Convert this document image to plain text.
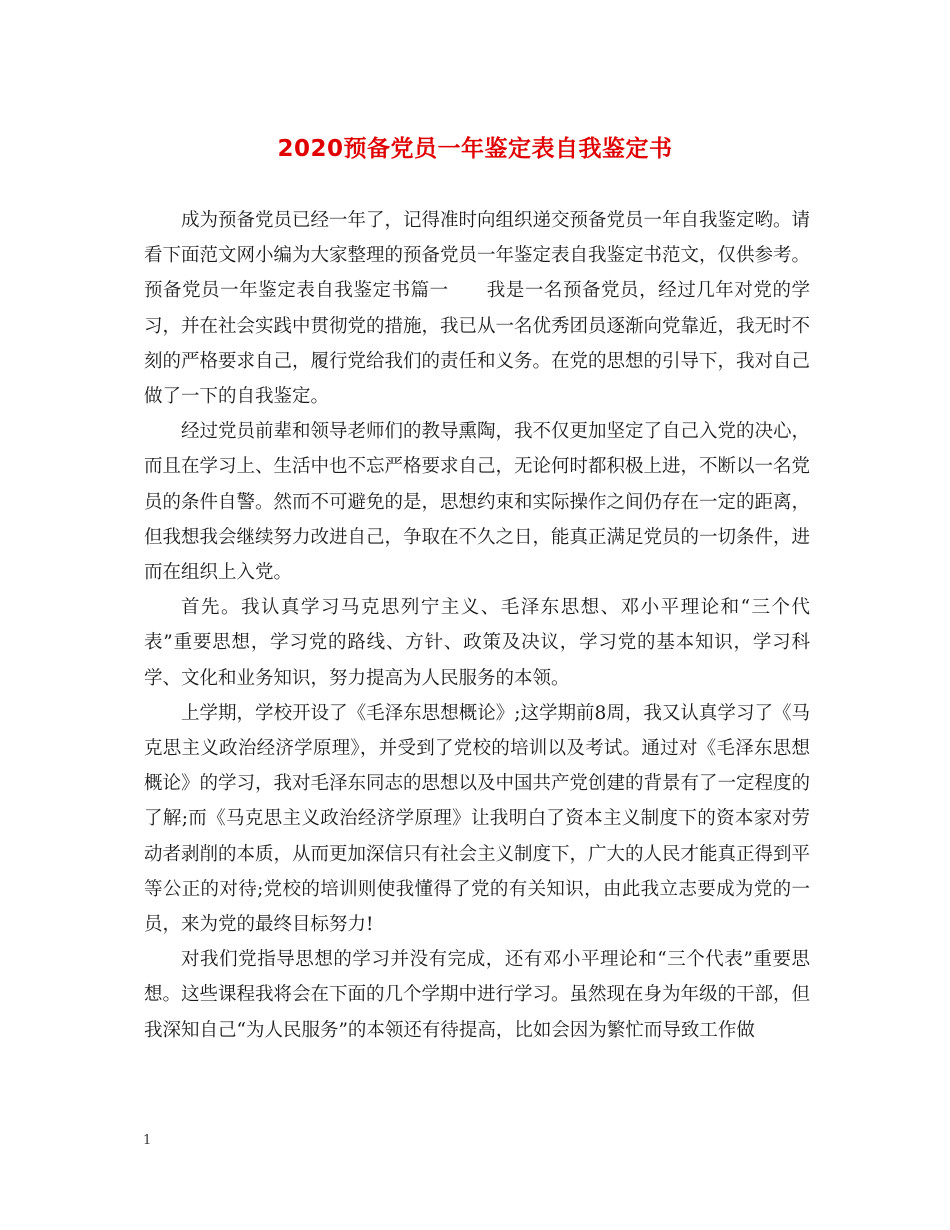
2020预备党员一年鉴定表自我鉴定书

成为预备党员已经一年了，记得准时向组织递交预备党员一年自我鉴定哟。请看下面范文网小编为大家整理的预备党员一年鉴定表自我鉴定书范文，仅供参考。

预备党员一年鉴定表自我鉴定书篇一　　我是一名预备党员，经过几年对党的学习，并在社会实践中贯彻党的措施，我已从一名优秀团员逐渐向党靠近，我无时不刻的严格要求自己，履行党给我们的责任和义务。在党的思想的引导下，我对自己做了一下的自我鉴定。

经过党员前辈和领导老师们的教导熏陶，我不仅更加坚定了自己入党的决心，而且在学习上、生活中也不忘严格要求自己，无论何时都积极上进，不断以一名党员的条件自警。然而不可避免的是，思想约束和实际操作之间仍存在一定的距离，但我想我会继续努力改进自己，争取在不久之日，能真正满足党员的一切条件，进而在组织上入党。

首先。我认真学习马克思列宁主义、毛泽东思想、邓小平理论和“三个代表”重要思想，学习党的路线、方针、政策及决议，学习党的基本知识，学习科学、文化和业务知识，努力提高为人民服务的本领。

上学期，学校开设了《毛泽东思想概论》;这学期前8周，我又认真学习了《马克思主义政治经济学原理》，并受到了党校的培训以及考试。通过对《毛泽东思想概论》的学习，我对毛泽东同志的思想以及中国共产党创建的背景有了一定程度的了解;而《马克思主义政治经济学原理》让我明白了资本主义制度下的资本家对劳动者剥削的本质，从而更加深信只有社会主义制度下，广大的人民才能真正得到平等公正的对待;党校的培训则使我懂得了党的有关知识，由此我立志要成为党的一员，来为党的最终目标努力!

对我们党指导思想的学习并没有完成，还有邓小平理论和“三个代表”重要思想。这些课程我将会在下面的几个学期中进行学习。虽然现在身为年级的干部，但我深知自己“为人民服务”的本领还有待提高，比如会因为繁忙而导致工作做

1
